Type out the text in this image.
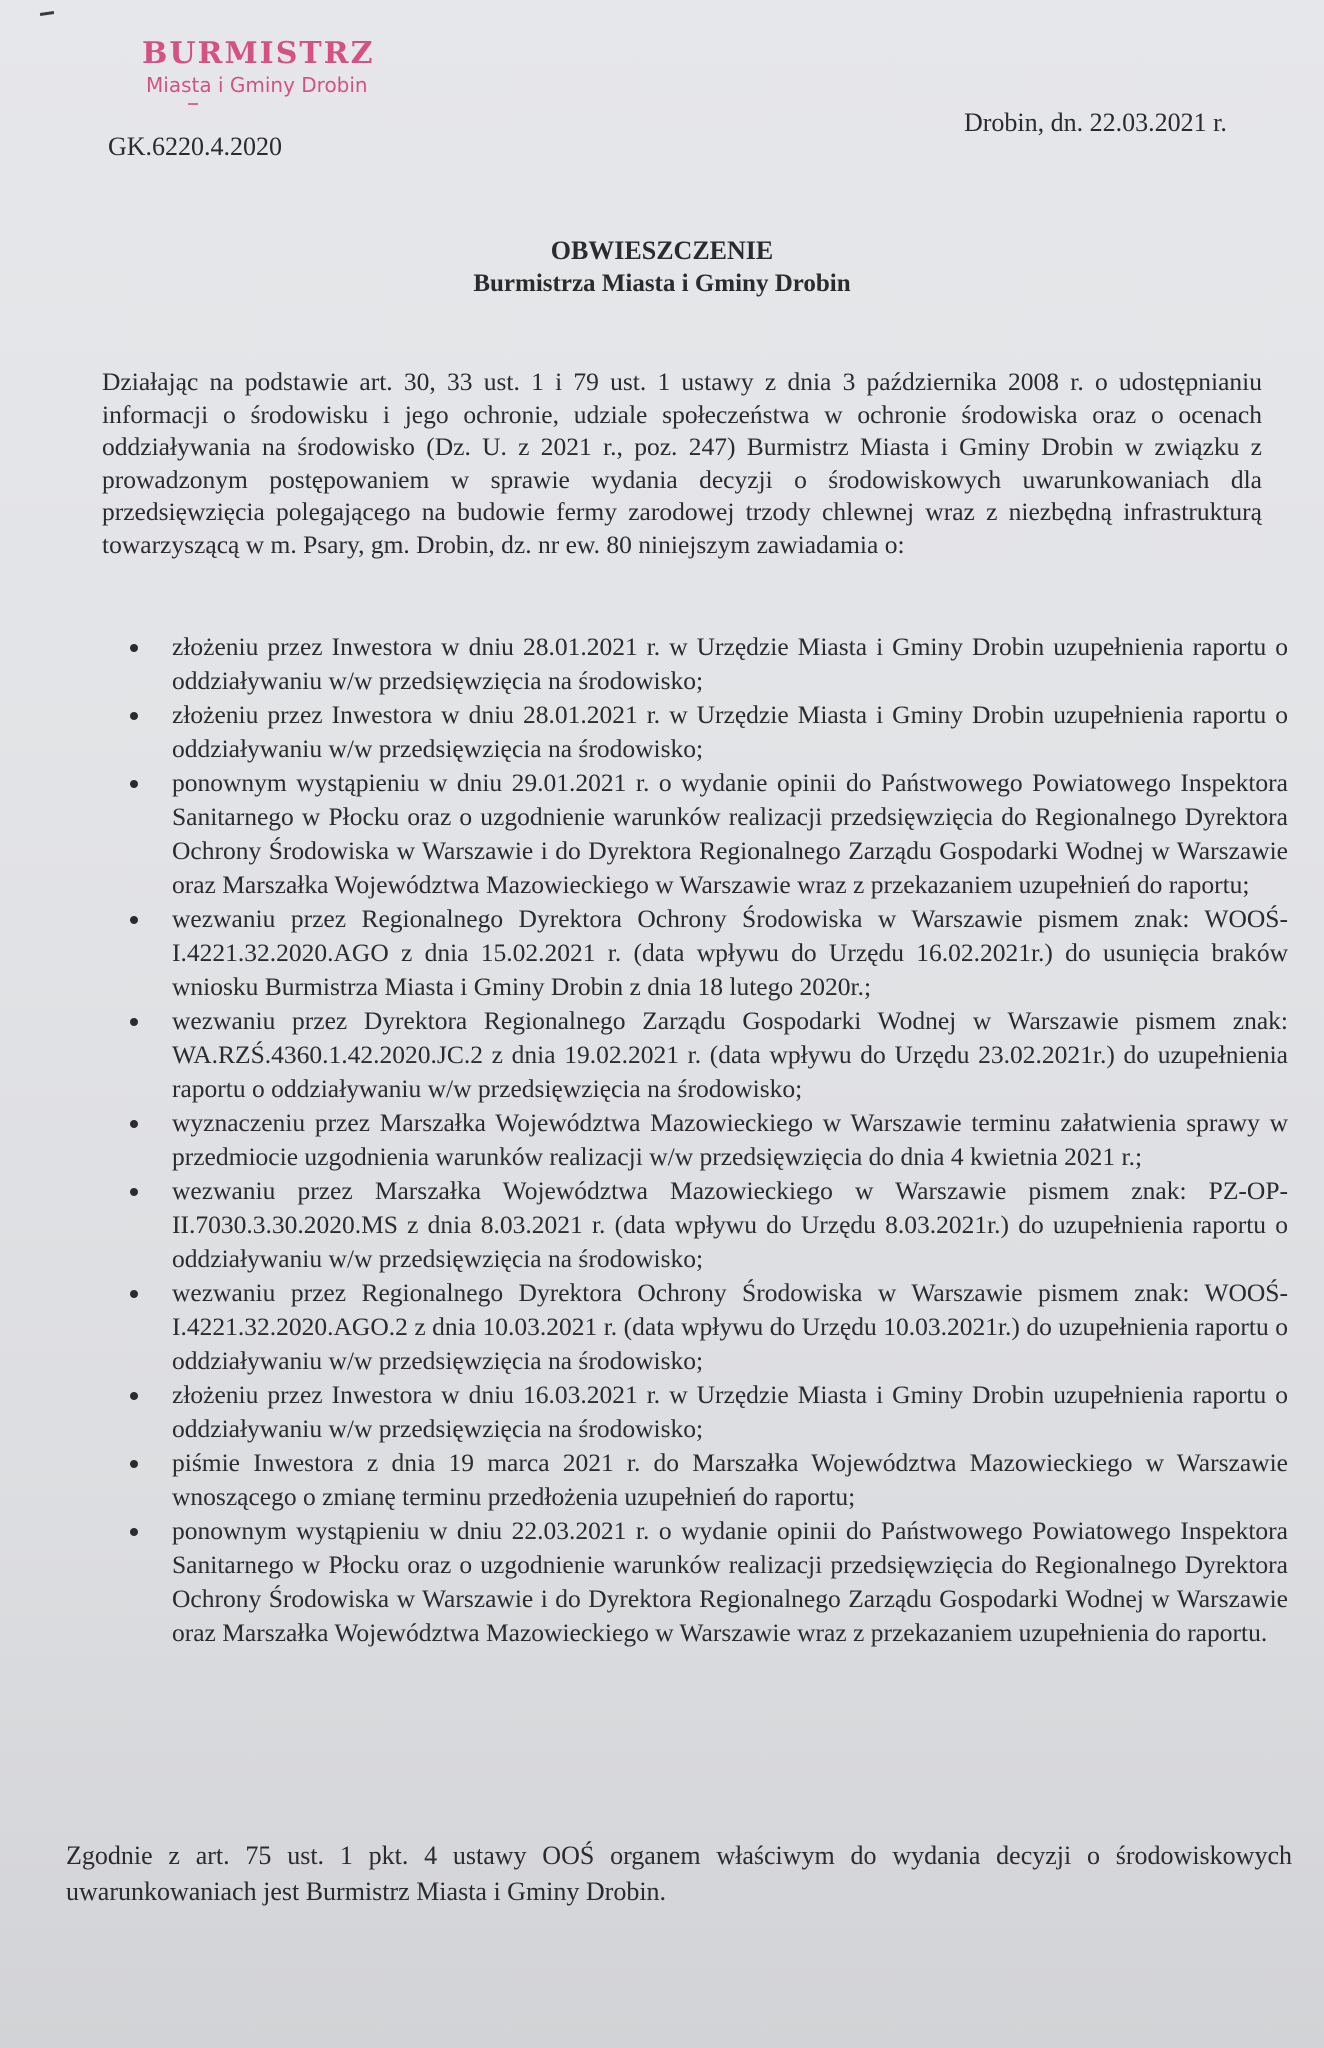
BURMISTRZ
Miasta i Gminy Drobin
GK.6220.4.2020
Drobin, dn. 22.03.2021 r.
OBWIESZCZENIE
Burmistrza Miasta i Gminy Drobin
Działając na podstawie art. 30, 33 ust. 1 i 79 ust. 1 ustawy z dnia 3 października 2008 r. o udostępnianiu informacji o środowisku i jego ochronie, udziale społeczeństwa w ochronie środowiska oraz o ocenach oddziaływania na środowisko (Dz. U. z 2021 r., poz. 247) Burmistrz Miasta i Gminy Drobin w związku z prowadzonym postępowaniem w sprawie wydania decyzji o środowiskowych uwarunkowaniach dla przedsięwzięcia polegającego na budowie fermy zarodowej trzody chlewnej wraz z niezbędną infrastrukturą towarzyszącą w m. Psary, gm. Drobin, dz. nr ew. 80 niniejszym zawiadamia o:
złożeniu przez Inwestora w dniu 28.01.2021 r. w Urzędzie Miasta i Gminy Drobin uzupełnienia raportu o oddziaływaniu w/w przedsięwzięcia na środowisko;
złożeniu przez Inwestora w dniu 28.01.2021 r. w Urzędzie Miasta i Gminy Drobin uzupełnienia raportu o oddziaływaniu w/w przedsięwzięcia na środowisko;
ponownym wystąpieniu w dniu 29.01.2021 r. o wydanie opinii do Państwowego Powiatowego Inspektora Sanitarnego w Płocku oraz o uzgodnienie warunków realizacji przedsięwzięcia do Regionalnego Dyrektora Ochrony Środowiska w Warszawie i do Dyrektora Regionalnego Zarządu Gospodarki Wodnej w Warszawie oraz Marszałka Województwa Mazowieckiego w Warszawie wraz z przekazaniem uzupełnień do raportu;
wezwaniu przez Regionalnego Dyrektora Ochrony Środowiska w Warszawie pismem znak: WOOŚ-I.4221.32.2020.AGO z dnia 15.02.2021 r. (data wpływu do Urzędu 16.02.2021r.) do usunięcia braków wniosku Burmistrza Miasta i Gminy Drobin z dnia 18 lutego 2020r.;
wezwaniu przez Dyrektora Regionalnego Zarządu Gospodarki Wodnej w Warszawie pismem znak: WA.RZŚ.4360.1.42.2020.JC.2 z dnia 19.02.2021 r. (data wpływu do Urzędu 23.02.2021r.) do uzupełnienia raportu o oddziaływaniu w/w przedsięwzięcia na środowisko;
wyznaczeniu przez Marszałka Województwa Mazowieckiego w Warszawie terminu załatwienia sprawy w przedmiocie uzgodnienia warunków realizacji w/w przedsięwzięcia do dnia 4 kwietnia 2021 r.;
wezwaniu przez Marszałka Województwa Mazowieckiego w Warszawie pismem znak: PZ-OP-II.7030.3.30.2020.MS z dnia 8.03.2021 r. (data wpływu do Urzędu 8.03.2021r.) do uzupełnienia raportu o oddziaływaniu w/w przedsięwzięcia na środowisko;
wezwaniu przez Regionalnego Dyrektora Ochrony Środowiska w Warszawie pismem znak: WOOŚ-I.4221.32.2020.AGO.2 z dnia 10.03.2021 r. (data wpływu do Urzędu 10.03.2021r.) do uzupełnienia raportu o oddziaływaniu w/w przedsięwzięcia na środowisko;
złożeniu przez Inwestora w dniu 16.03.2021 r. w Urzędzie Miasta i Gminy Drobin uzupełnienia raportu o oddziaływaniu w/w przedsięwzięcia na środowisko;
piśmie Inwestora z dnia 19 marca 2021 r. do Marszałka Województwa Mazowieckiego w Warszawie wnoszącego o zmianę terminu przedłożenia uzupełnień do raportu;
ponownym wystąpieniu w dniu 22.03.2021 r. o wydanie opinii do Państwowego Powiatowego Inspektora Sanitarnego w Płocku oraz o uzgodnienie warunków realizacji przedsięwzięcia do Regionalnego Dyrektora Ochrony Środowiska w Warszawie i do Dyrektora Regionalnego Zarządu Gospodarki Wodnej w Warszawie oraz Marszałka Województwa Mazowieckiego w Warszawie wraz z przekazaniem uzupełnienia do raportu.
Zgodnie z art. 75 ust. 1 pkt. 4 ustawy OOŚ organem właściwym do wydania decyzji o środowiskowych uwarunkowaniach jest Burmistrz Miasta i Gminy Drobin.
